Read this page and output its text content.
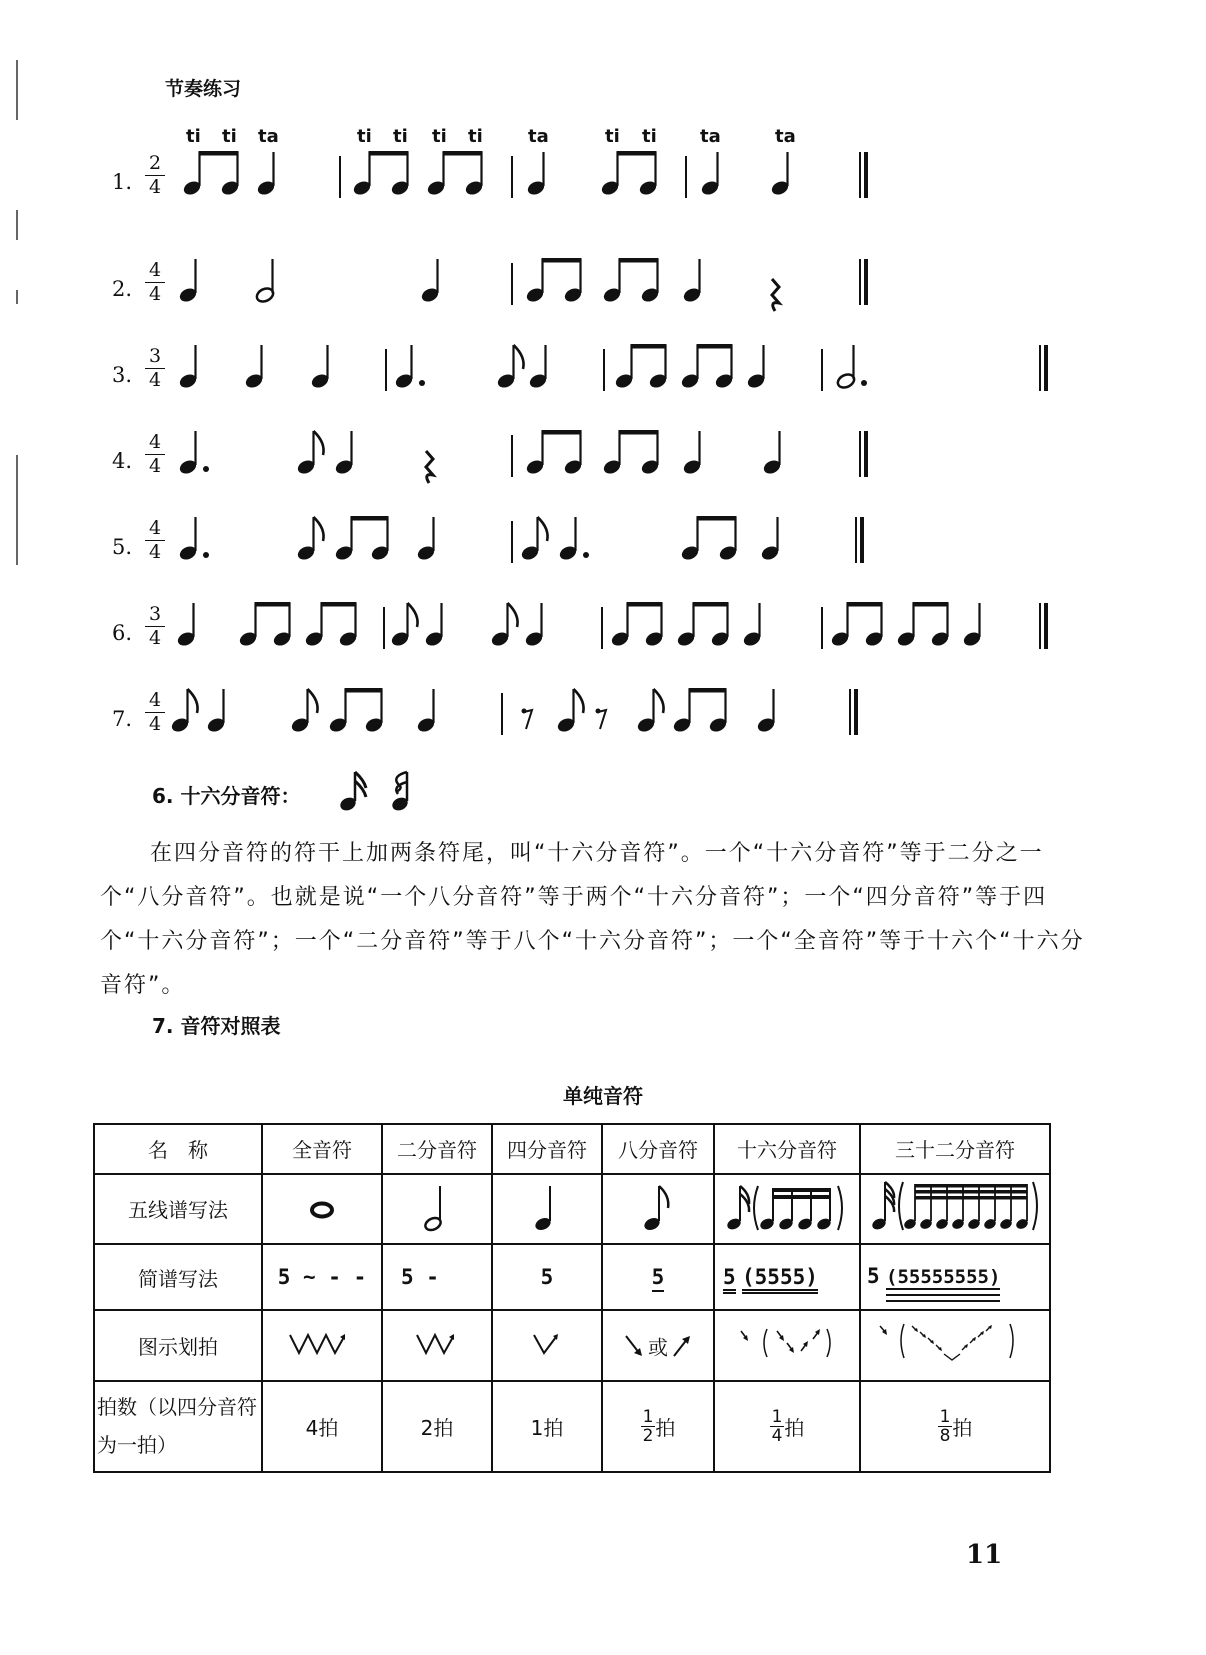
节奏练习
ti ti ta	ti ti ti ti	ta	ti ti ta	ta
1. $\frac{2}{4}$
2. $\frac{4}{4}$
3. $\frac{3}{4}$
4. $\frac{4}{4}$
5. $\frac{4}{4}$
6. $\frac{3}{4}$
7. $\frac{4}{4}$
6. 十六分音符：
在四分音符的符干上加两条符尾，叫“十六分音符”。一个“十六分音符”等于二分之一个“八分音符”。也就是说“一个八分音符”等于两个“十六分音符”；一个“四分音符”等于四个“十六分音符”；一个“二分音符”等于八个“十六分音符”；一个“全音符”等于十六个“十六分音符”。
7. 音符对照表
单纯音符
名　称	全音符	二分音符	四分音符	八分音符	十六分音符	三十二分音符
五线谱写法						
简谱写法	5 ~ - -	5 -	5	5	5 (5555)	5 (55555555)
图示划拍				或		
拍数（以四分音符为一拍）	4拍	2拍	1拍	$\frac{1}{2}$ 拍	$\frac{1}{4}$ 拍	$\frac{1}{8}$ 拍
11
